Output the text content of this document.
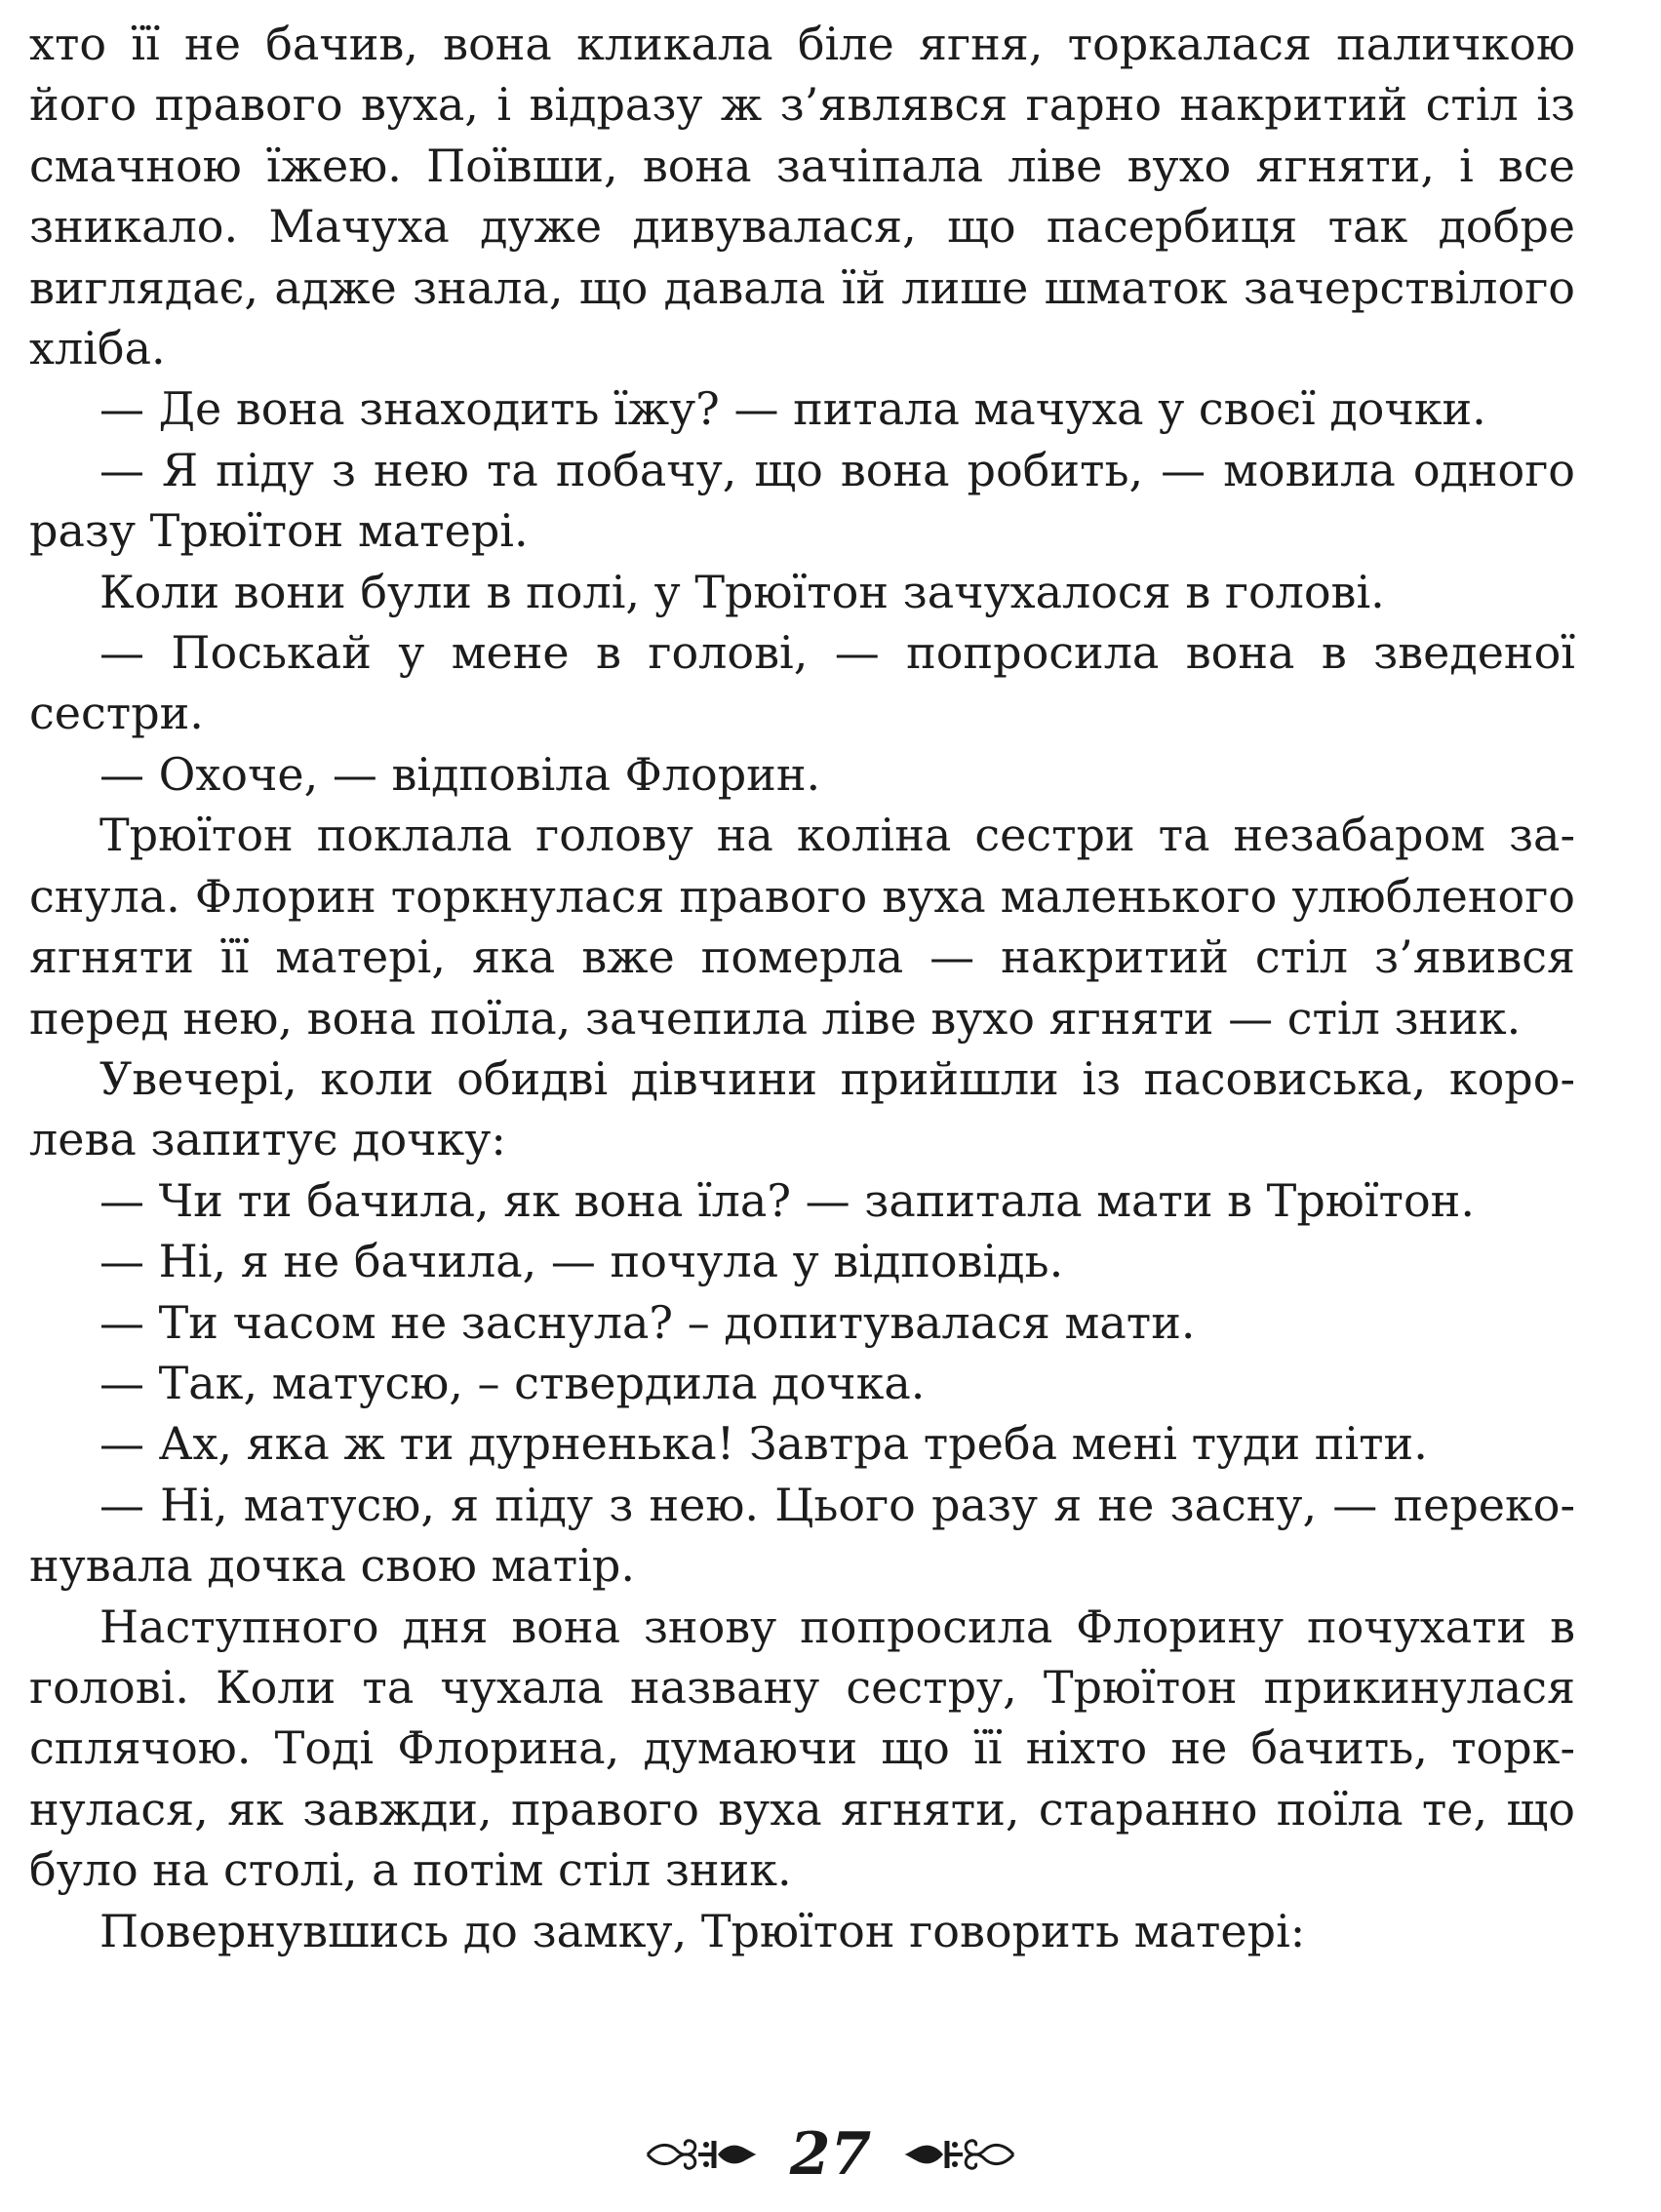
хто її не бачив, вона кликала біле ягня, торкалася паличкою його правого вуха, і відразу ж з’являвся гарно накритий стіл із смачною їжею. Поївши, вона зачіпала ліве вухо ягняти, і все зникало. Мачуха дуже дивувалася, що пасербиця так добре виглядає, адже знала, що давала їй лише шматок зачерствілого хліба.

— Де вона знаходить їжу? — питала мачуха у своєї дочки.

— Я піду з нею та побачу, що вона робить, — мовила одного разу Трюїтон матері.

Коли вони були в полі, у Трюїтон зачухалося в голові.

— Поськай у мене в голові, — попросила вона в зведеної сестри.

— Охоче, — відповіла Флорин.

Трюїтон поклала голову на коліна сестри та незабаром заснула. Флорин торкнулася правого вуха маленького улюбленого ягняти її матері, яка вже померла — накритий стіл з’явився перед нею, вона поїла, зачепила ліве вухо ягняти — стіл зник.

Увечері, коли обидві дівчини прийшли із пасовиська, королева запитує дочку:

— Чи ти бачила, як вона їла? — запитала мати в Трюїтон.

— Ні, я не бачила, — почула у відповідь.

— Ти часом не заснула? – допитувалася мати.

— Так, матусю, – ствердила дочка.

— Ах, яка ж ти дурненька! Завтра треба мені туди піти.

— Ні, матусю, я піду з нею. Цього разу я не засну, — переконувала дочка свою матір.

Наступного дня вона знову попросила Флорину почухати в голові. Коли та чухала названу сестру, Трюїтон прикинулася сплячою. Тоді Флорина, думаючи що її ніхто не бачить, торкнулася, як завжди, правого вуха ягняти, старанно поїла те, що було на столі, а потім стіл зник.

Повернувшись до замку, Трюїтон говорить матері:

27
